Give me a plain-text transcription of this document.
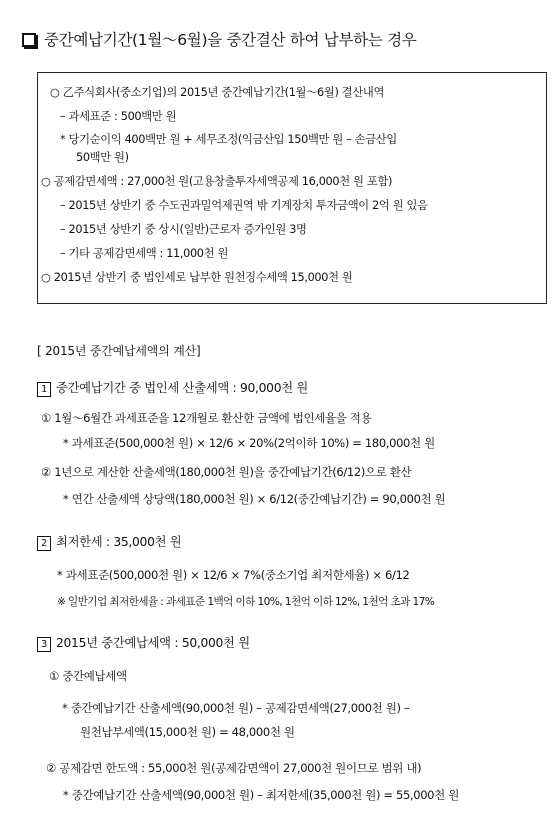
중간예납기간(1월～6월)을 중간결산 하여 납부하는 경우
○ 乙주식회사(중소기업)의 2015년 중간예납기간(1월～6월) 결산내역
– 과세표준 : 500백만 원
* 당기순이익 400백만 원 + 세무조정(익금산입 150백만 원 – 손금산입
50백만 원)
○ 공제감면세액 : 27,000천 원(고용창출투자세액공제 16,000천 원 포함)
– 2015년 상반기 중 수도권과밀억제권역 밖 기계장치 투자금액이 2억 원 있음
– 2015년 상반기 중 상시(일반)근로자 증가인원 3명
– 기타 공제감면세액 : 11,000천 원
○ 2015년 상반기 중 법인세로 납부한 원천징수세액 15,000천 원
[ 2015년 중간예납세액의 계산]
1 중간예납기간 중 법인세 산출세액 : 90,000천 원
① 1월～6월간 과세표준을 12개월로 환산한 금액에 법인세율을 적용
* 과세표준(500,000천 원) × 12/6 × 20%(2억이하 10%) = 180,000천 원
② 1년으로 계산한 산출세액(180,000천 원)을 중간예납기간(6/12)으로 환산
* 연간 산출세액 상당액(180,000천 원) × 6/12(중간예납기간) = 90,000천 원
2 최저한세 : 35,000천 원
* 과세표준(500,000천 원) × 12/6 × 7%(중소기업 최저한세율) × 6/12
※ 일반기업 최저한세율 : 과세표준 1백억 이하 10%, 1천억 이하 12%, 1천억 초과 17%
3 2015년 중간예납세액 : 50,000천 원
① 중간예납세액
* 중간예납기간 산출세액(90,000천 원) – 공제감면세액(27,000천 원) –
원천납부세액(15,000천 원) = 48,000천 원
② 공제감면 한도액 : 55,000천 원(공제감면액이 27,000천 원이므로 범위 내)
* 중간예납기간 산출세액(90,000천 원) – 최저한세(35,000천 원) = 55,000천 원
